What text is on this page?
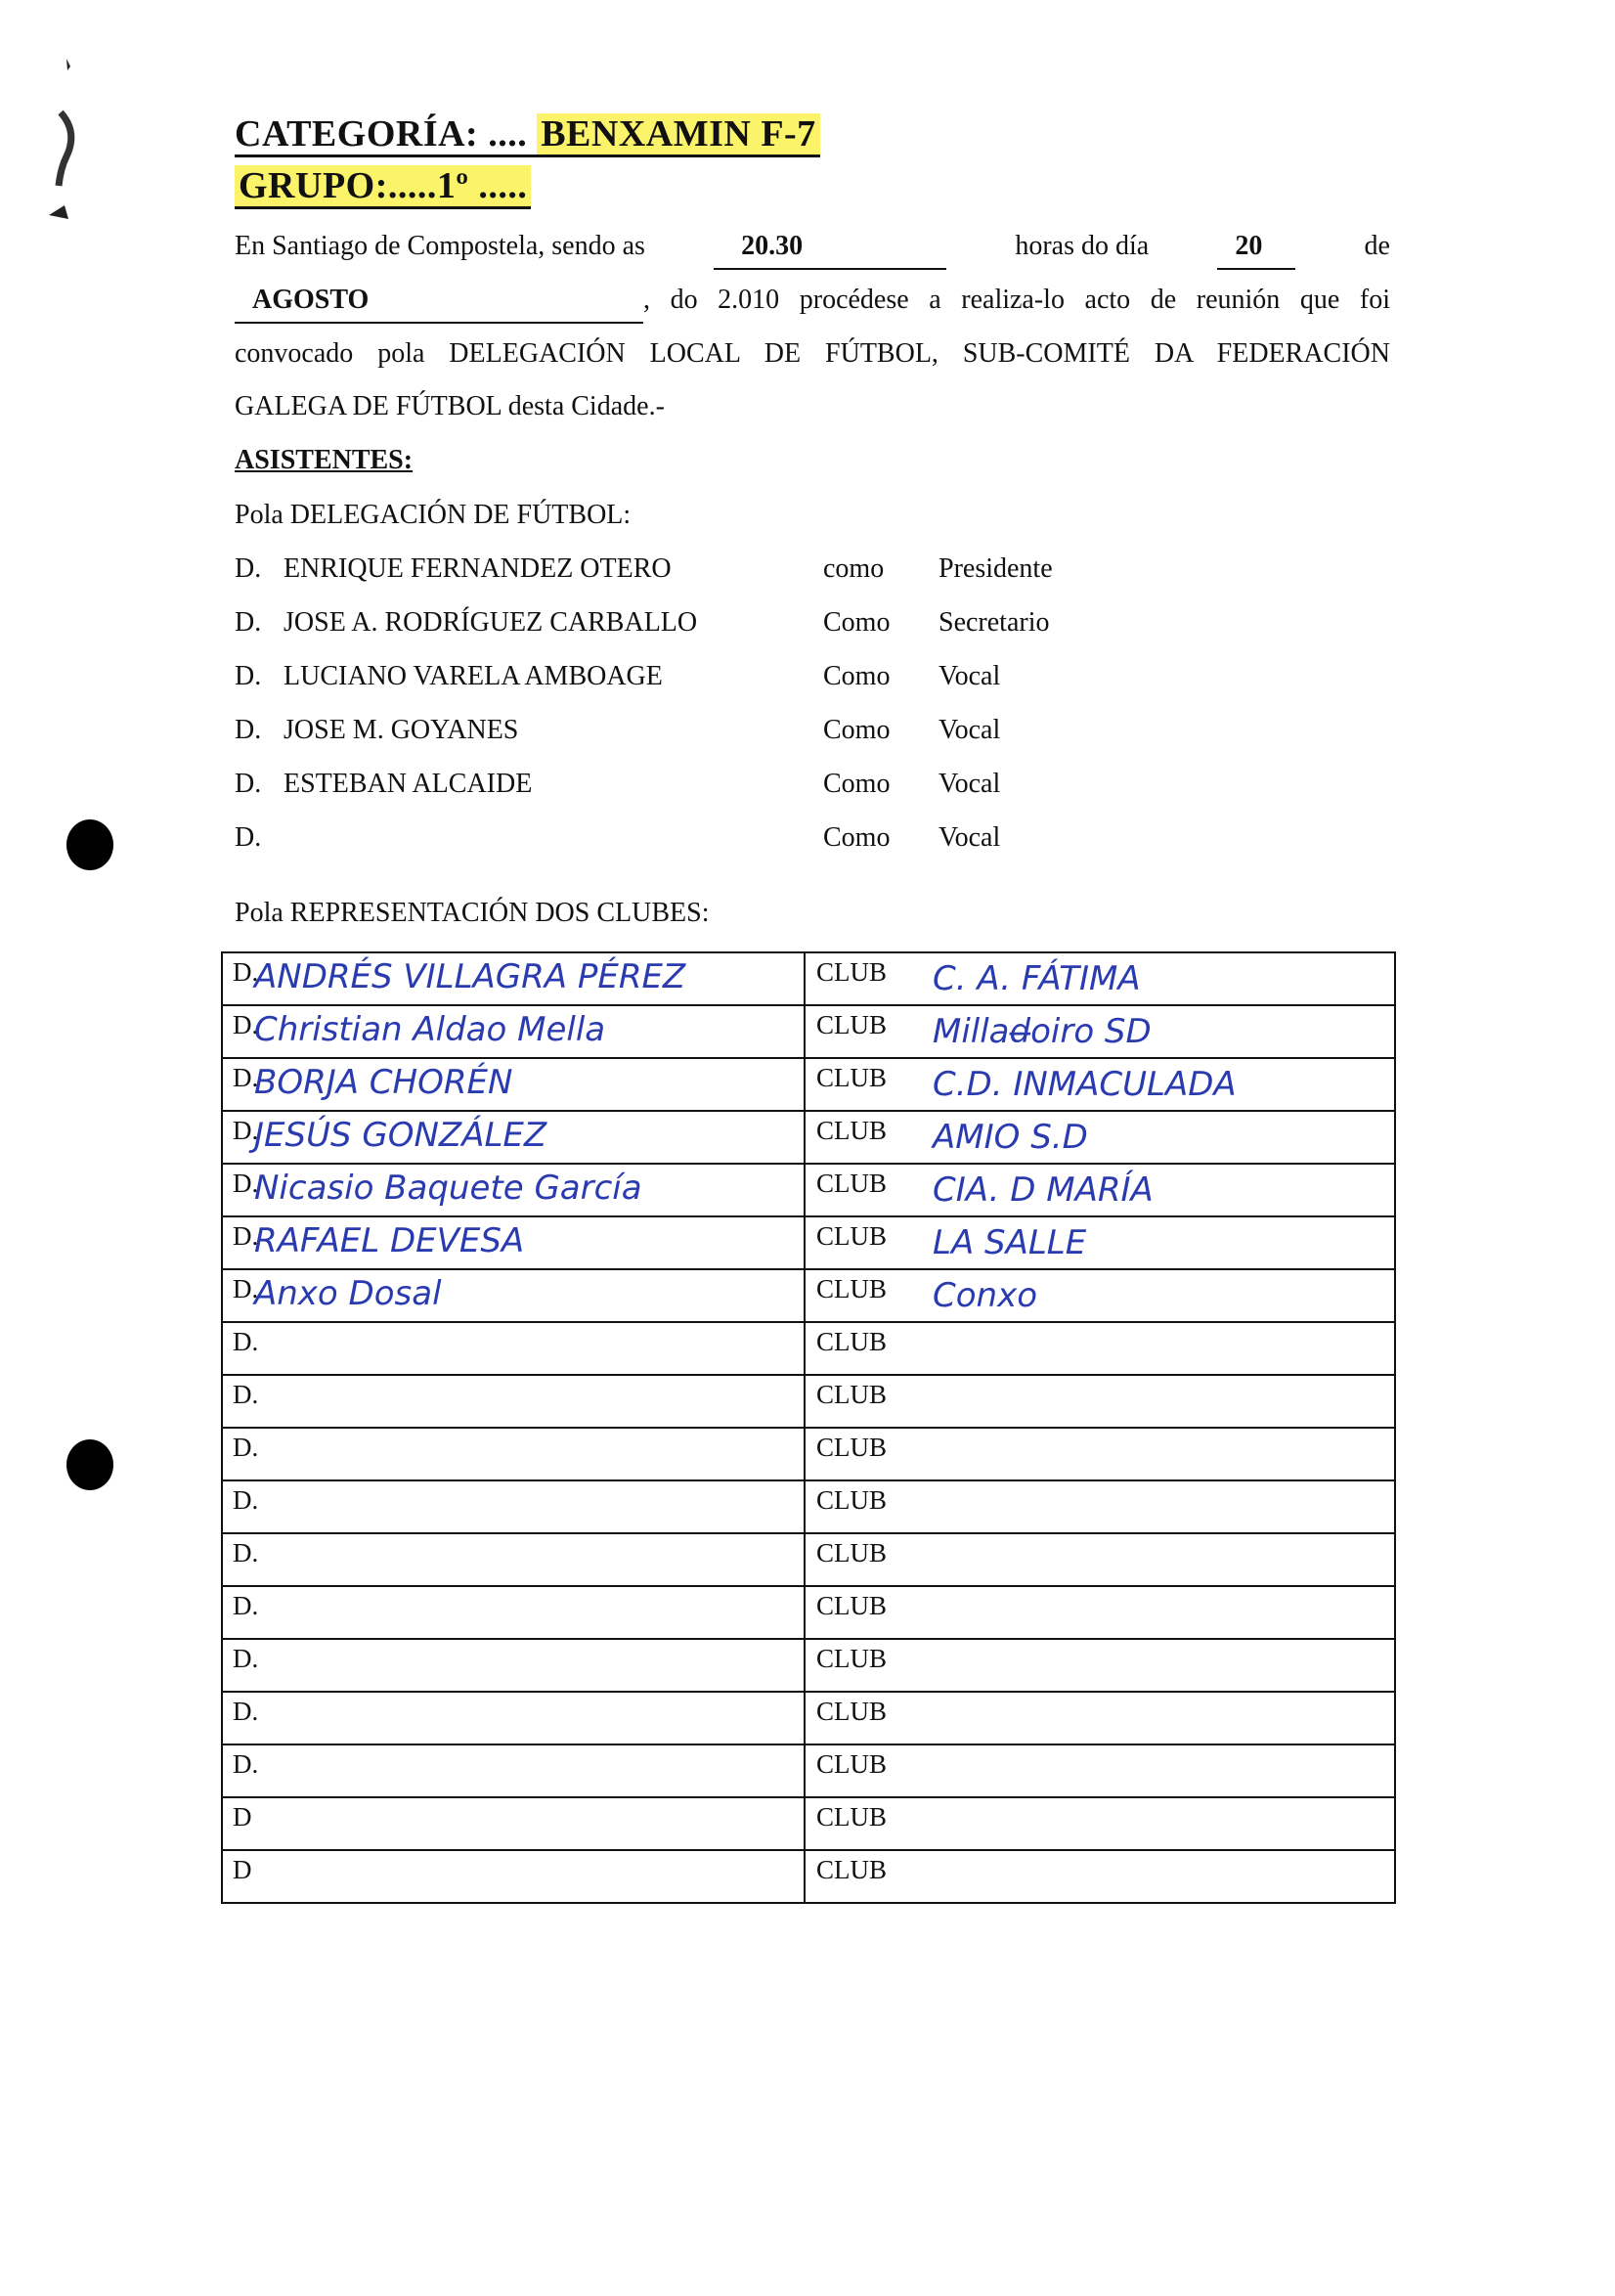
CATEGORÍA: .... BENXAMIN F-7
GRUPO:.....1º .....
En Santiago de Compostela, sendo as	20.30	horas do día	20	de
AGOSTO	, do 2.010 procédese a realiza-lo acto de reunión que foi
convocado pola DELEGACIÓN LOCAL DE FÚTBOL, SUB-COMITÉ DA FEDERACIÓN
GALEGA DE FÚTBOL desta Cidade.-
ASISTENTES:
Pola DELEGACIÓN DE FÚTBOL:
D. ENRIQUE FERNANDEZ OTERO	como Presidente
D. JOSE A. RODRÍGUEZ CARBALLO	Como Secretario
D. LUCIANO VARELA AMBOAGE	Como Vocal
D. JOSE M. GOYANES	Como Vocal
D. ESTEBAN ALCAIDE	Como Vocal
D.	Como Vocal
Pola REPRESENTACIÓN DOS CLUBES:
D.
ANDRÉS VILLAGRA PÉREZ	CLUB C. A. FÁTIMA

D.
Christian Aldao Mella	CLUB Millad̶oiro SD

D.
BORJA CHORÉN	CLUB C.D. INMACULADA

D.
JESÚS GONZÁLEZ	CLUB AMIO S.D

D.
Nicasio Baquete García	CLUB CIA. D MARÍA

D.
RAFAEL DEVESA	CLUB LA SALLE

D.
Anxo Dosal	CLUB Conxo

D.	CLUB

D.	CLUB

D.	CLUB

D.	CLUB

D.	CLUB

D.	CLUB

D.	CLUB

D.	CLUB

D.	CLUB

D	CLUB

D	CLUB
